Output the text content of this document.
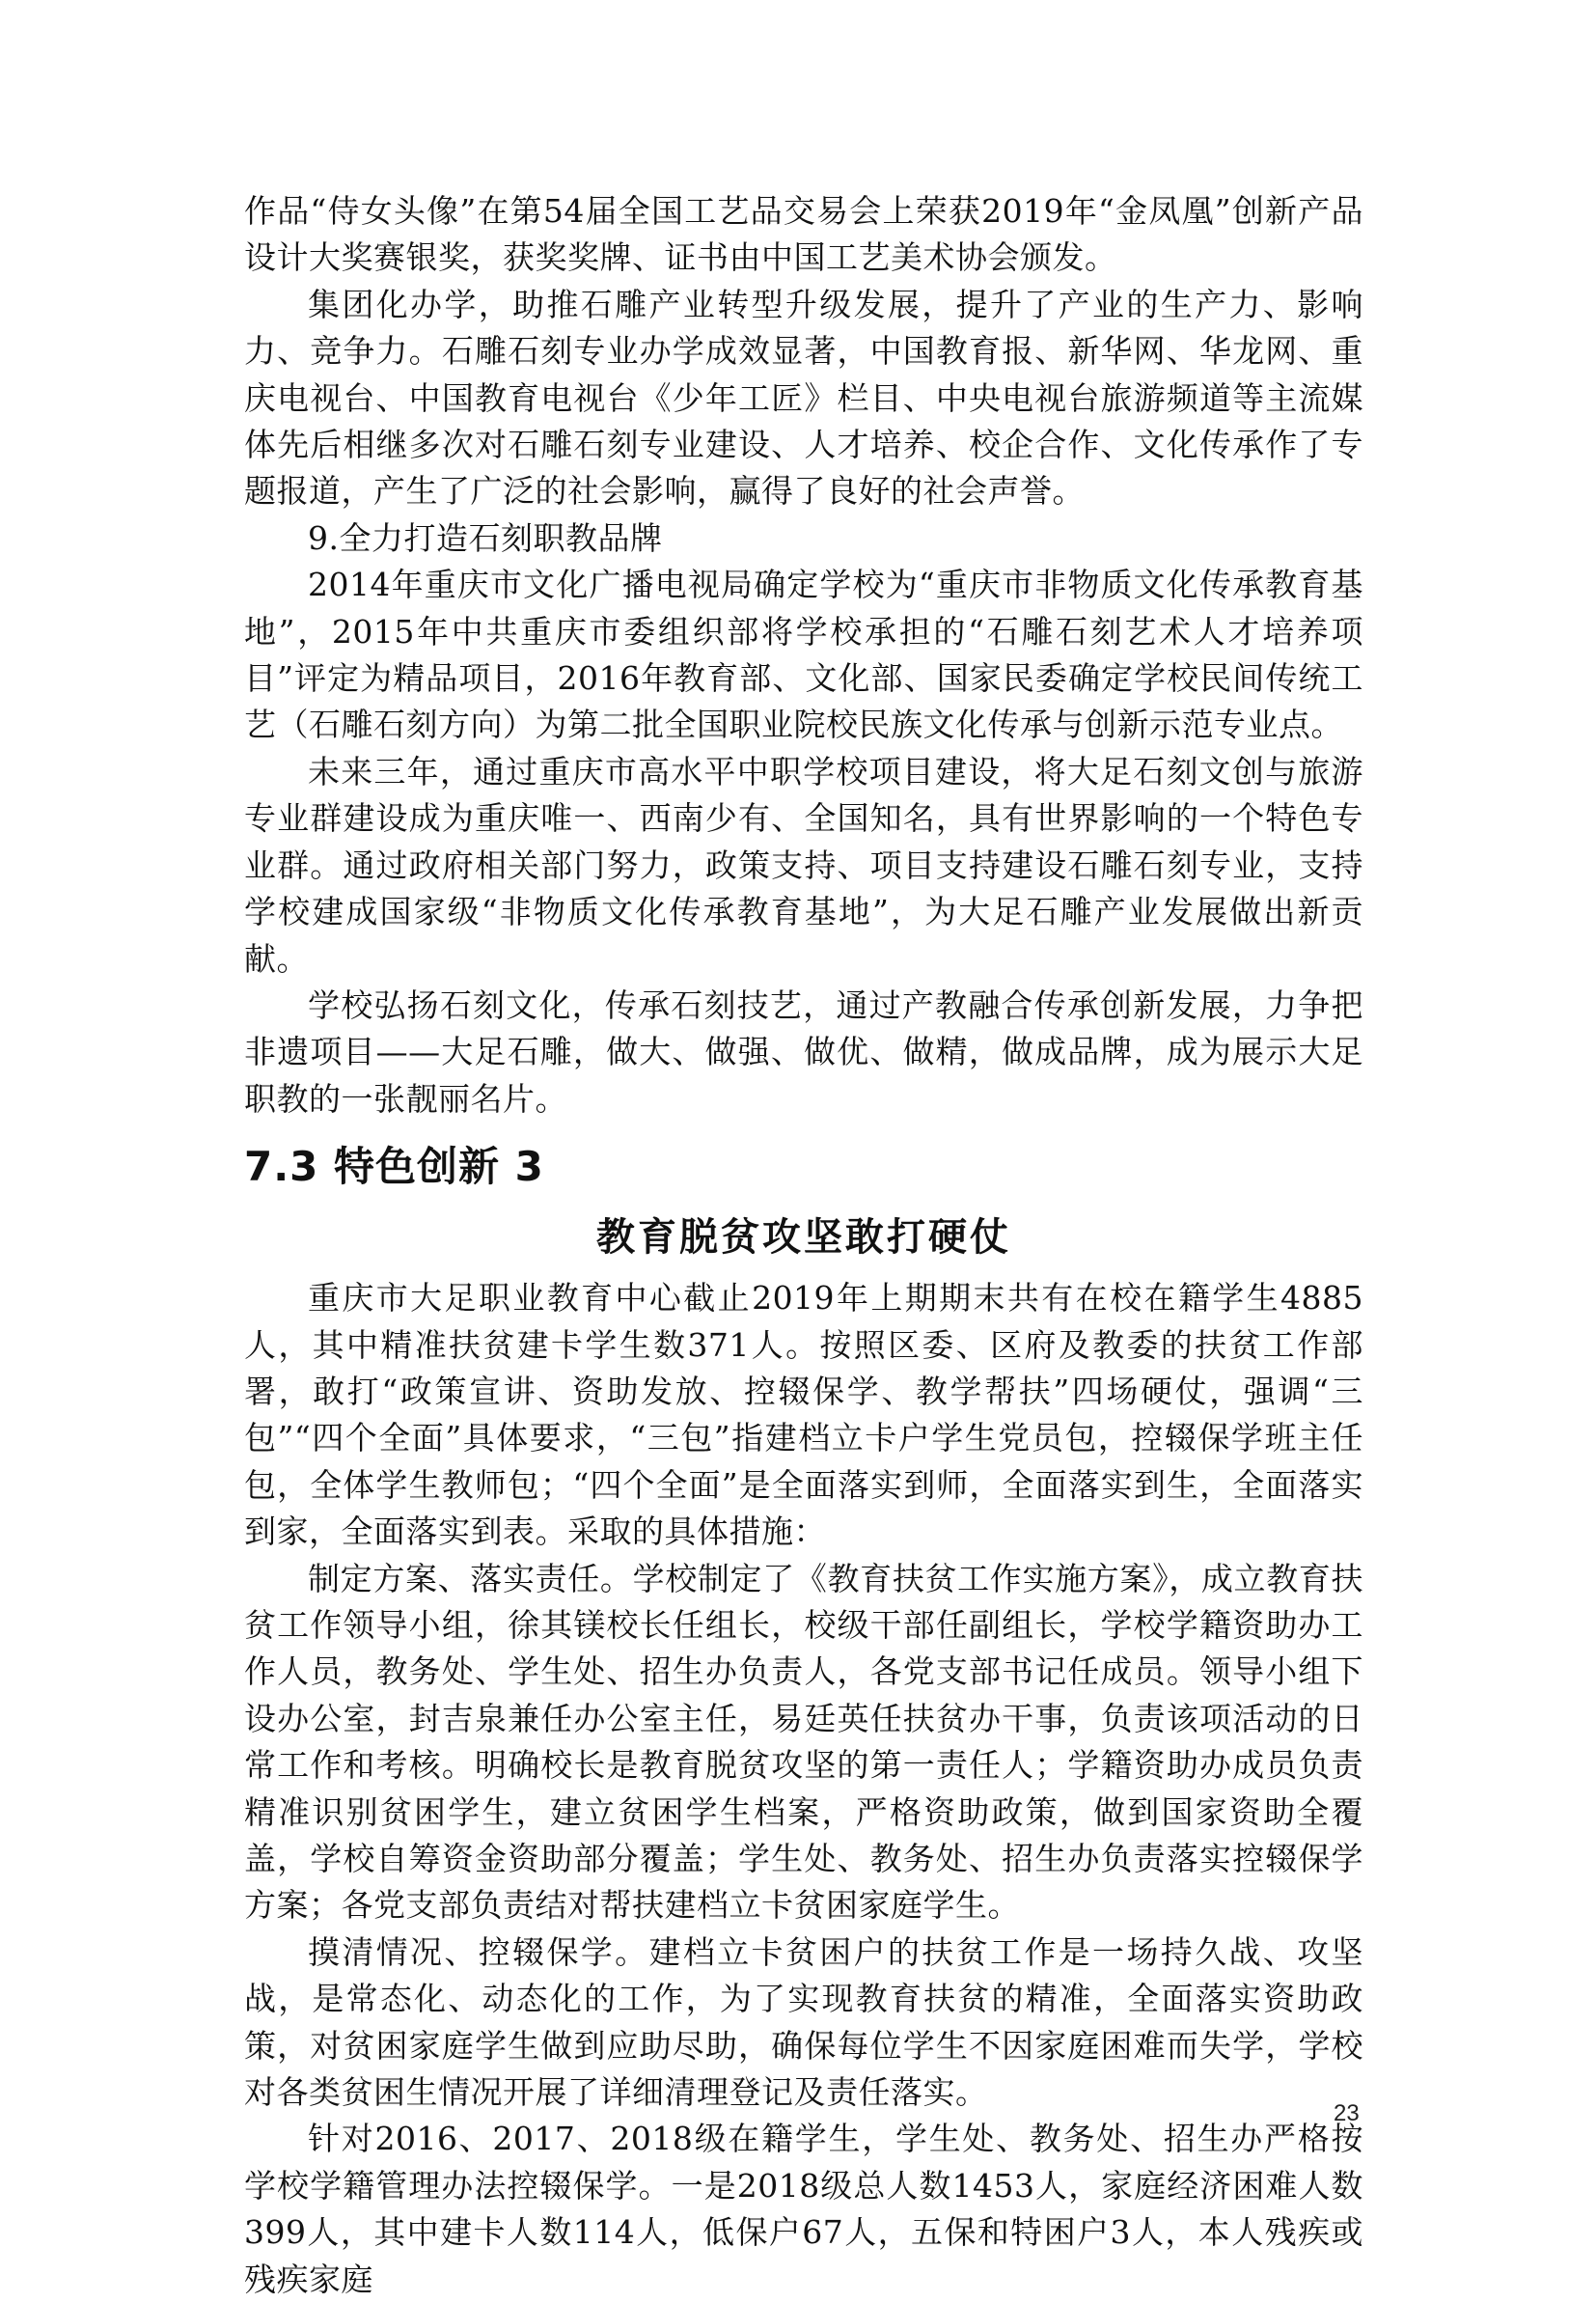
作品“侍女头像”在第54届全国工艺品交易会上荣获2019年“金凤凰”创新产品设计大奖赛银奖，获奖奖牌、证书由中国工艺美术协会颁发。

集团化办学，助推石雕产业转型升级发展，提升了产业的生产力、影响力、竞争力。石雕石刻专业办学成效显著，中国教育报、新华网、华龙网、重庆电视台、中国教育电视台《少年工匠》栏目、中央电视台旅游频道等主流媒体先后相继多次对石雕石刻专业建设、人才培养、校企合作、文化传承作了专题报道，产生了广泛的社会影响，赢得了良好的社会声誉。

9.全力打造石刻职教品牌

2014年重庆市文化广播电视局确定学校为“重庆市非物质文化传承教育基地”，2015年中共重庆市委组织部将学校承担的“石雕石刻艺术人才培养项目”评定为精品项目，2016年教育部、文化部、国家民委确定学校民间传统工艺（石雕石刻方向）为第二批全国职业院校民族文化传承与创新示范专业点。

未来三年，通过重庆市高水平中职学校项目建设，将大足石刻文创与旅游专业群建设成为重庆唯一、西南少有、全国知名，具有世界影响的一个特色专业群。通过政府相关部门努力，政策支持、项目支持建设石雕石刻专业，支持学校建成国家级“非物质文化传承教育基地”，为大足石雕产业发展做出新贡献。

学校弘扬石刻文化，传承石刻技艺，通过产教融合传承创新发展，力争把非遗项目——大足石雕，做大、做强、做优、做精，做成品牌，成为展示大足职教的一张靓丽名片。

7.3 特色创新 3
教育脱贫攻坚敢打硬仗

重庆市大足职业教育中心截止2019年上期期末共有在校在籍学生4885人，其中精准扶贫建卡学生数371人。按照区委、区府及教委的扶贫工作部署，敢打“政策宣讲、资助发放、控辍保学、教学帮扶”四场硬仗，强调“三包”“四个全面”具体要求，“三包”指建档立卡户学生党员包，控辍保学班主任包，全体学生教师包；“四个全面”是全面落实到师，全面落实到生，全面落实到家，全面落实到表。采取的具体措施：

制定方案、落实责任。学校制定了《教育扶贫工作实施方案》，成立教育扶贫工作领导小组，徐其镁校长任组长，校级干部任副组长，学校学籍资助办工作人员，教务处、学生处、招生办负责人，各党支部书记任成员。领导小组下设办公室，封吉泉兼任办公室主任，易廷英任扶贫办干事，负责该项活动的日常工作和考核。明确校长是教育脱贫攻坚的第一责任人；学籍资助办成员负责精准识别贫困学生，建立贫困学生档案，严格资助政策，做到国家资助全覆盖，学校自筹资金资助部分覆盖；学生处、教务处、招生办负责落实控辍保学方案；各党支部负责结对帮扶建档立卡贫困家庭学生。

摸清情况、控辍保学。建档立卡贫困户的扶贫工作是一场持久战、攻坚战，是常态化、动态化的工作，为了实现教育扶贫的精准，全面落实资助政策，对贫困家庭学生做到应助尽助，确保每位学生不因家庭困难而失学，学校对各类贫困生情况开展了详细清理登记及责任落实。

针对2016、2017、2018级在籍学生，学生处、教务处、招生办严格按学校学籍管理办法控辍保学。一是2018级总人数1453人，家庭经济困难人数399人，其中建卡人数114人，低保户67人，五保和特困户3人，本人残疾或残疾家庭

23
